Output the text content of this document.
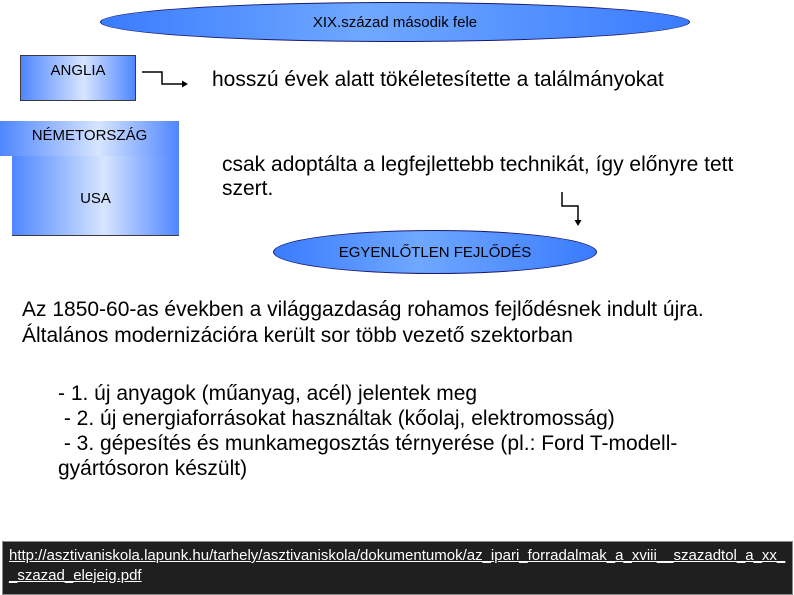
XIX.század második fele
ANGLIA
NÉMETORSZÁG
USA
hosszú évek alatt tökéletesítette a találmányokat
csak adoptálta a legfejlettebb technikát, így előnyre tett szert.
EGYENLŐTLEN FEJLŐDÉS
Az 1850-60-as években a világgazdaság rohamos fejlődésnek indult újra. Általános modernizációra került sor több vezető szektorban
- 1. új anyagok (műanyag, acél) jelentek meg
- 2. új energiaforrásokat használtak (kőolaj, elektromosság)
- 3. gépesítés és munkamegosztás térnyerése (pl.: Ford T-modell- gyártósoron készült)
http://asztivaniskola.lapunk.hu/tarhely/asztivaniskola/dokumentumok/az_ipari_forradalmak_a_xviii__szazadtol_a_xx__szazad_elejeig.pdf
